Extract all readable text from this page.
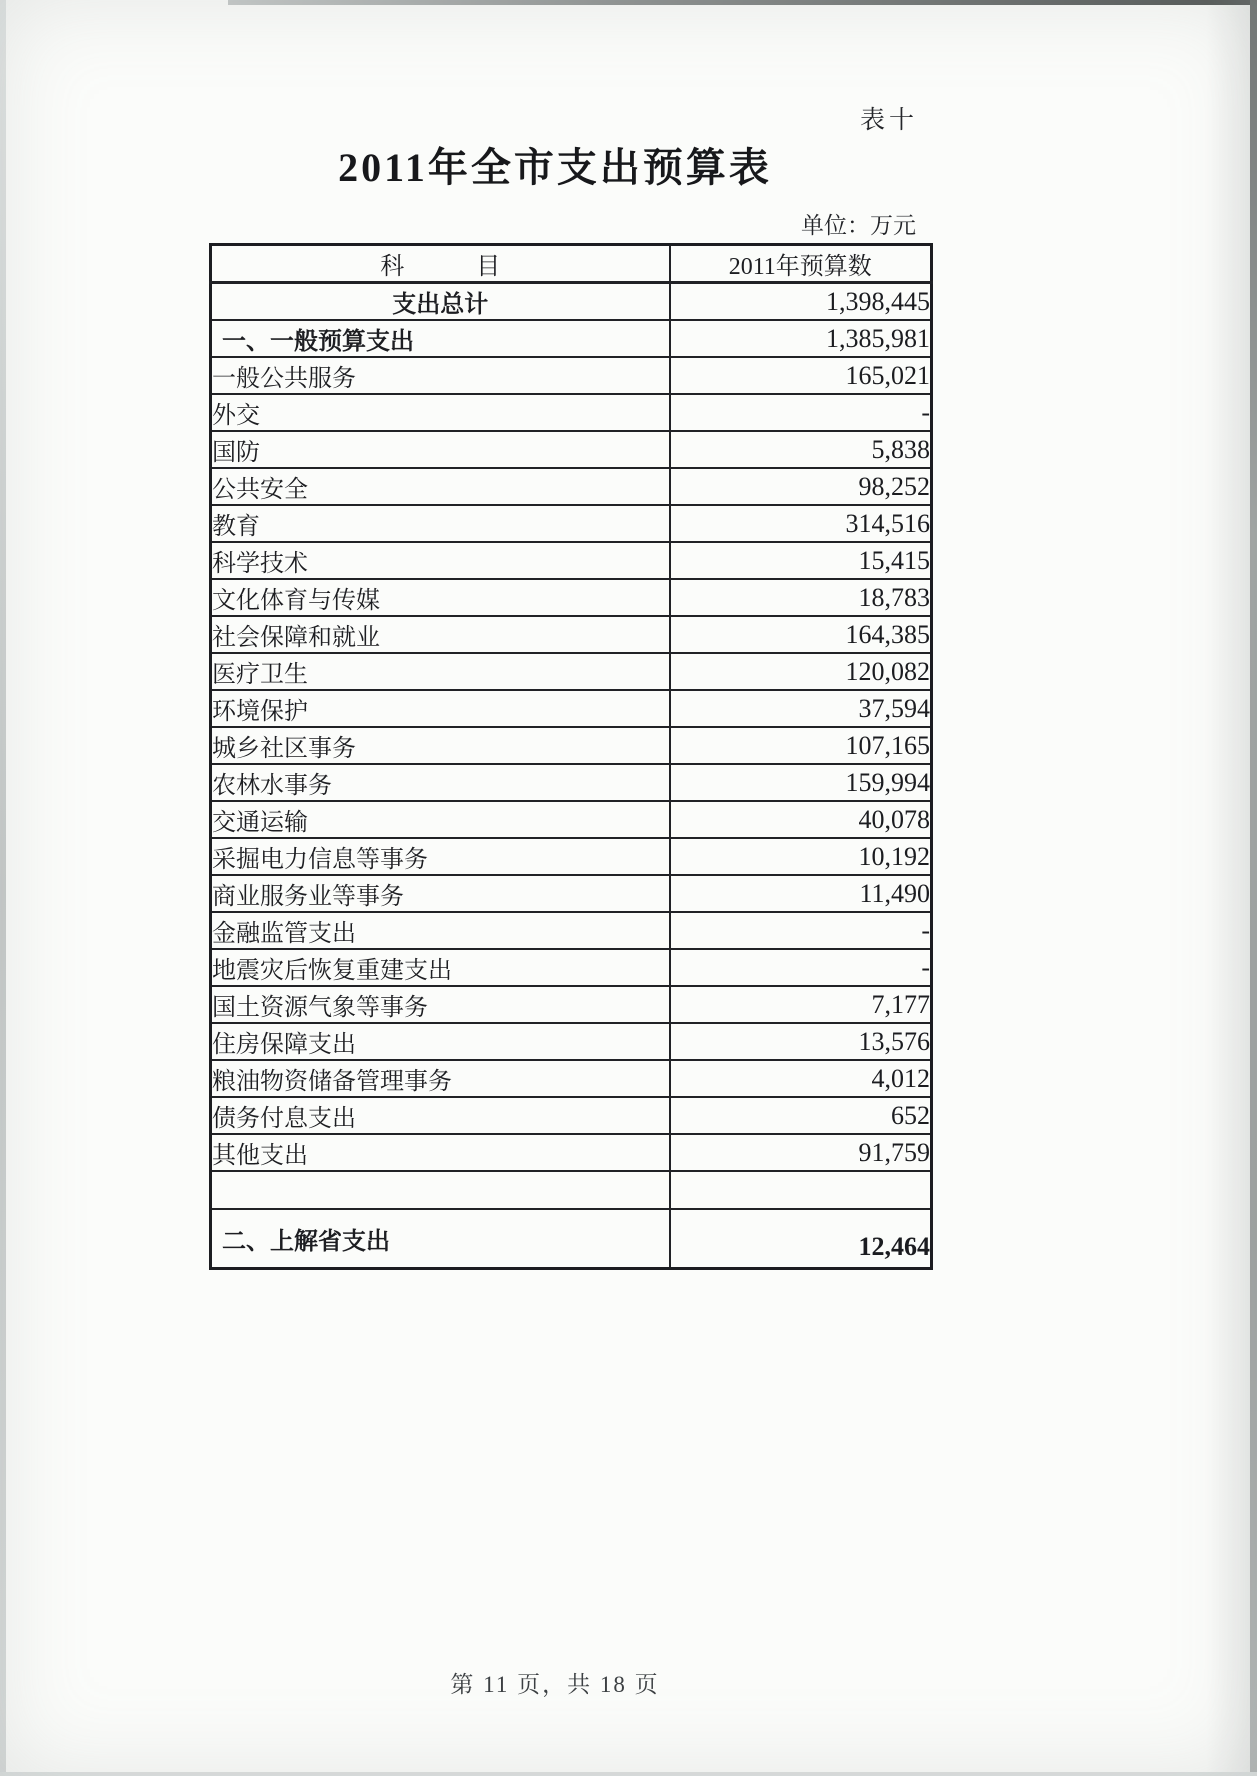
表十
2011年全市支出预算表
单位：万元
科　　　目	2011年预算数
支出总计	1,398,445
一、一般预算支出	1,385,981
一般公共服务	165,021
外交	-
国防	5,838
公共安全	98,252
教育	314,516
科学技术	15,415
文化体育与传媒	18,783
社会保障和就业	164,385
医疗卫生	120,082
环境保护	37,594
城乡社区事务	107,165
农林水事务	159,994
交通运输	40,078
采掘电力信息等事务	10,192
商业服务业等事务	11,490
金融监管支出	-
地震灾后恢复重建支出	-
国土资源气象等事务	7,177
住房保障支出	13,576
粮油物资储备管理事务	4,012
债务付息支出	652
其他支出	91,759

二、上解省支出	12,464
第 11 页，共 18 页
